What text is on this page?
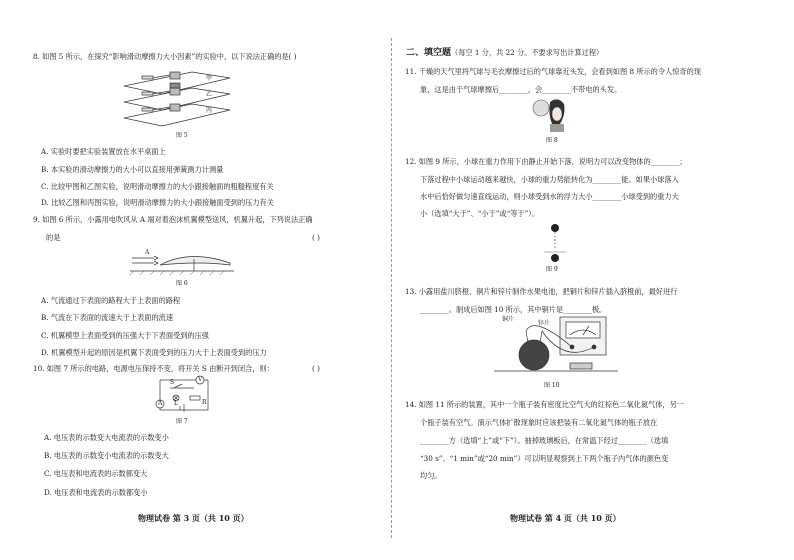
8. 如图 5 所示，在探究“影响滑动摩擦力大小因素”的实验中，以下说法正确的是( )
甲
乙
丙
图 5
A. 实验时要把实验装置放在水平桌面上
B. 本实验的滑动摩擦力的大小可以直接用弹簧测力计测量
C. 比较甲图和乙图实验，说明滑动摩擦力的大小跟接触面的粗糙程度有关
D. 比较乙图和丙图实验，说明滑动摩擦力的大小跟接触面受到的压力有关
9. 如图 6 所示，小露用电吹风从 A 端对着泡沫机翼模型送风，机翼升起，下列说法正确
的是	( )
A
图 6
A. 气流通过下表面的路程大于上表面的路程
B. 气流在下表面的流速大于上表面的流速
C. 机翼模型上表面受到的压强大于下表面受到的压强
D. 机翼模型升起的原因是机翼下表面受到的压力大于上表面受到的压力
10. 如图 7 所示的电路，电源电压保持不变，将开关 S 由断开到闭合，则：	( )
S	V
A L	R
图 7
A. 电压表的示数变大电流表的示数变小
B. 电压表的示数变小电流表的示数变大
C. 电压表和电流表的示数都变大
D. 电压表和电流表的示数都变小
物理试卷 第 3 页（共 10 页）
二、填空题（每空 1 分，共 22 分。不要求写出计算过程）
11. 干燥的天气里将气球与毛衣摩擦过后的气球靠近头发，会看到如图 8 所示的令人惊奇的现
象，这是由于气球摩擦后________，会________不带电的头发。
图 8
12. 如图 9 所示，小球在重力作用下由静止开始下落，说明力可以改变物体的________；
下落过程中小球运动越来越快，小球的重力势能转化为________能。如果小球落入
水中后恰好做匀速直线运动，则小球受到水的浮力大小________小球受到的重力大
小（选填“大于”、“小于”或“等于”）。
图 9
13. 小露用盐川脐橙、铜片和锌片制作水果电池，把铜片和锌片插入脐橙前，最好进行
________。制成后如图 10 所示，其中铜片是________极。
铜片
锌片
图 10
14. 如图 11 所示的装置，其中一个瓶子装有密度比空气大的红棕色二氧化氮气体，另一
个瓶子装有空气。演示气体扩散现象时应该把装有二氧化氮气体的瓶子放在
________方（选填“上”或“下”）。抽掉玻璃板后，在常温下经过________（选填
“30 s”、“1 min”或“20 min”）可以明显观察到上下两个瓶子内气体的颜色变
均匀。
物理试卷 第 4 页（共 10 页）
